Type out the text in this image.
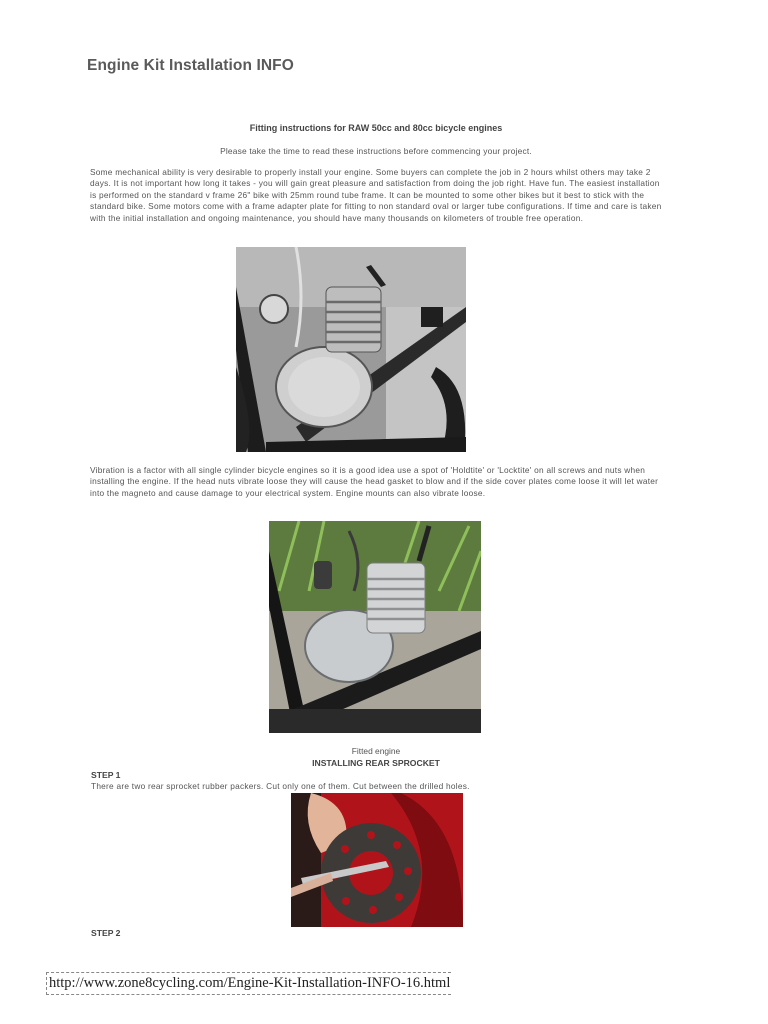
Engine Kit Installation INFO
Fitting instructions for RAW 50cc and 80cc bicycle engines
Please take the time to read these instructions before commencing your project.
Some mechanical ability is very desirable to properly install your engine. Some buyers can complete the job in 2 hours whilst others may take 2 days. It is not important how long it takes - you will gain great pleasure and satisfaction from doing the job right. Have fun. The easiest installation is performed on the standard v frame 26" bike with 25mm round tube frame. It can be mounted to some other bikes but it best to stick with the standard bike. Some motors come with a frame adapter plate for fitting to non standard oval or larger tube configurations. If time and care is taken with the initial installation and ongoing maintenance, you should have many thousands on kilometers of trouble free operation.
Vibration is a factor with all single cylinder bicycle engines so it is a good idea use a spot of 'Holdtite' or 'Locktite' on all screws and nuts when installing the engine. If the head nuts vibrate loose they will cause the head gasket to blow and if the side cover plates come loose it will let water into the magneto and cause damage to your electrical system. Engine mounts can also vibrate loose.
Fitted engine
INSTALLING REAR SPROCKET
STEP 1
There are two rear sprocket rubber packers. Cut only one of them. Cut between the drilled holes.
STEP 2
http://www.zone8cycling.com/Engine-Kit-Installation-INFO-16.html
